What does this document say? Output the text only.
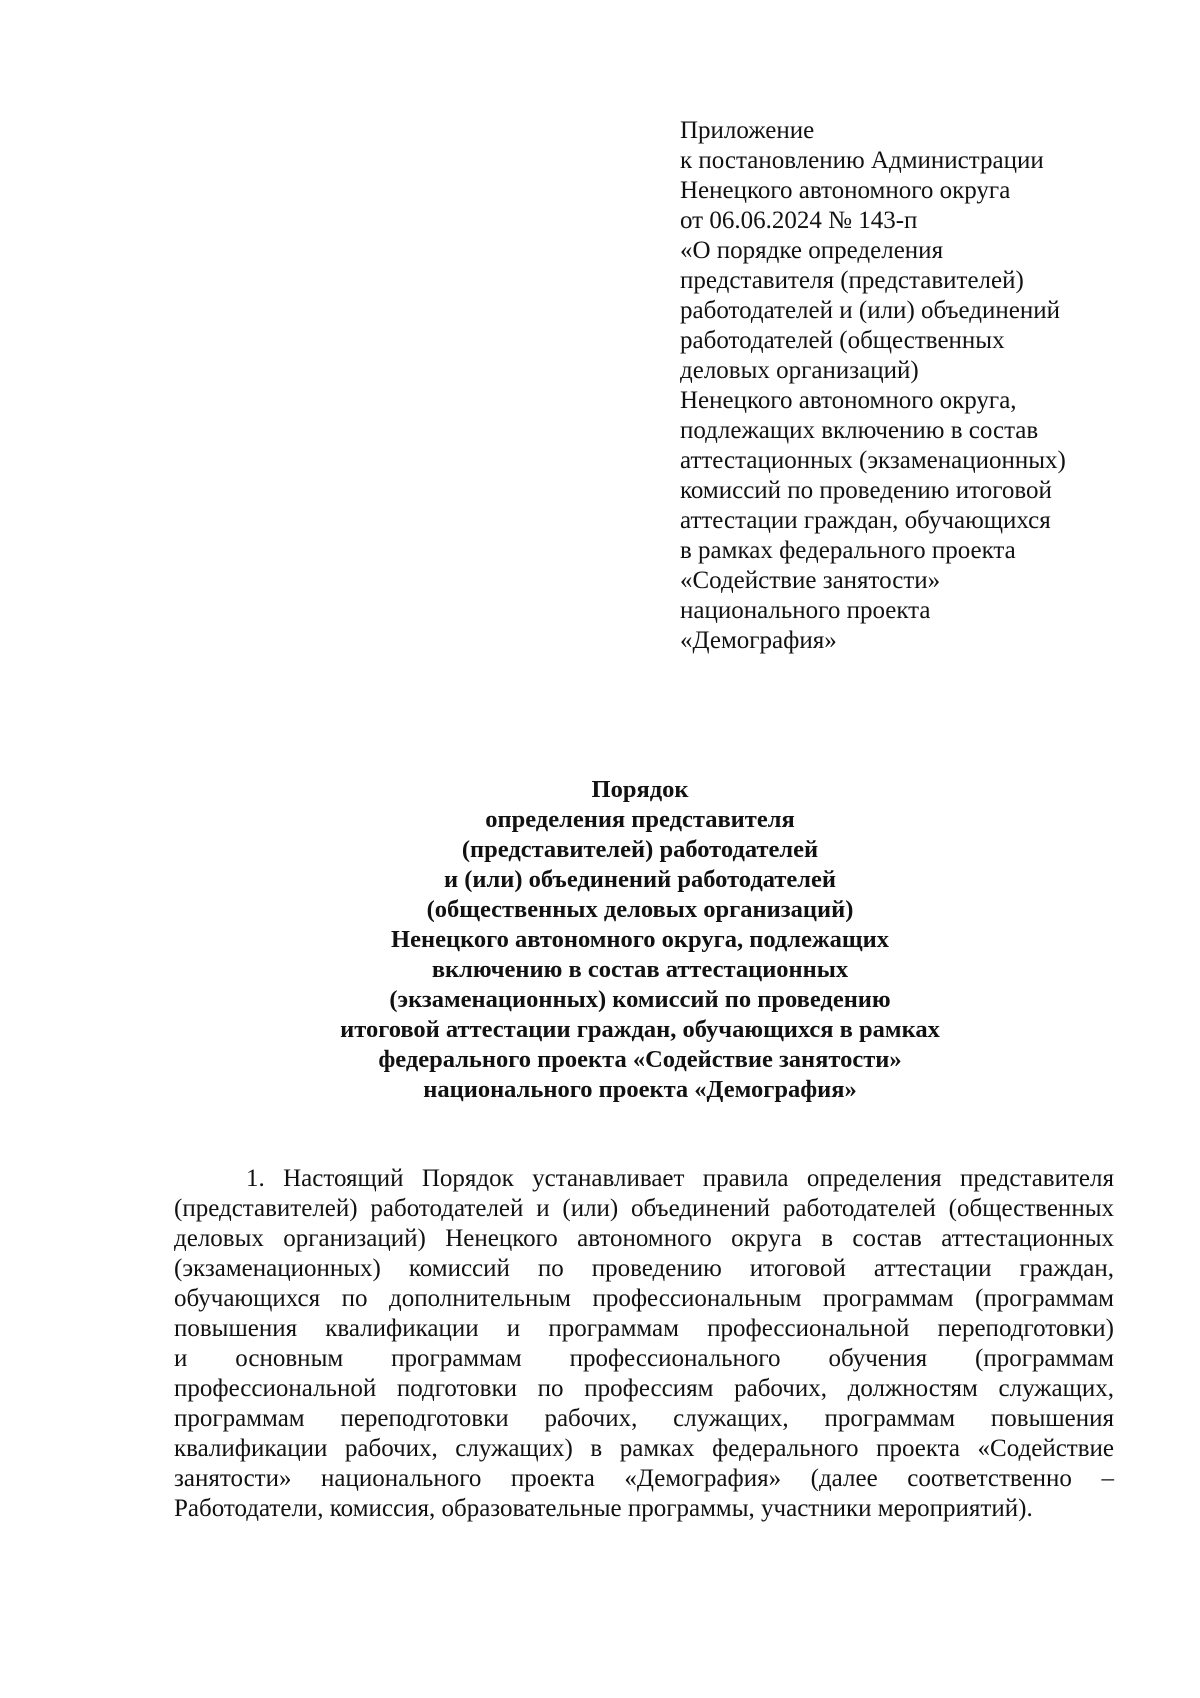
Приложение
к постановлению Администрации
Ненецкого автономного округа
от 06.06.2024 № 143-п
«О порядке определения
представителя (представителей)
работодателей и (или) объединений
работодателей (общественных
деловых организаций)
Ненецкого автономного округа,
подлежащих включению в состав
аттестационных (экзаменационных)
комиссий по проведению итоговой
аттестации граждан, обучающихся
в рамках федерального проекта
«Содействие занятости»
национального проекта
«Демография»
Порядок
определения представителя
(представителей) работодателей
и (или) объединений работодателей
(общественных деловых организаций)
Ненецкого автономного округа, подлежащих
включению в состав аттестационных
(экзаменационных) комиссий по проведению
итоговой аттестации граждан, обучающихся в рамках
федерального проекта «Содействие занятости»
национального проекта «Демография»
1. Настоящий Порядок устанавливает правила определения представителя
(представителей) работодателей и (или) объединений работодателей (общественных
деловых организаций) Ненецкого автономного округа в состав аттестационных
(экзаменационных) комиссий по проведению итоговой аттестации граждан,
обучающихся по дополнительным профессиональным программам (программам
повышения квалификации и программам профессиональной переподготовки)
и основным программам профессионального обучения (программам
профессиональной подготовки по профессиям рабочих, должностям служащих,
программам переподготовки рабочих, служащих, программам повышения
квалификации рабочих, служащих) в рамках федерального проекта «Содействие
занятости» национального проекта «Демография» (далее соответственно –
Работодатели, комиссия, образовательные программы, участники мероприятий).
